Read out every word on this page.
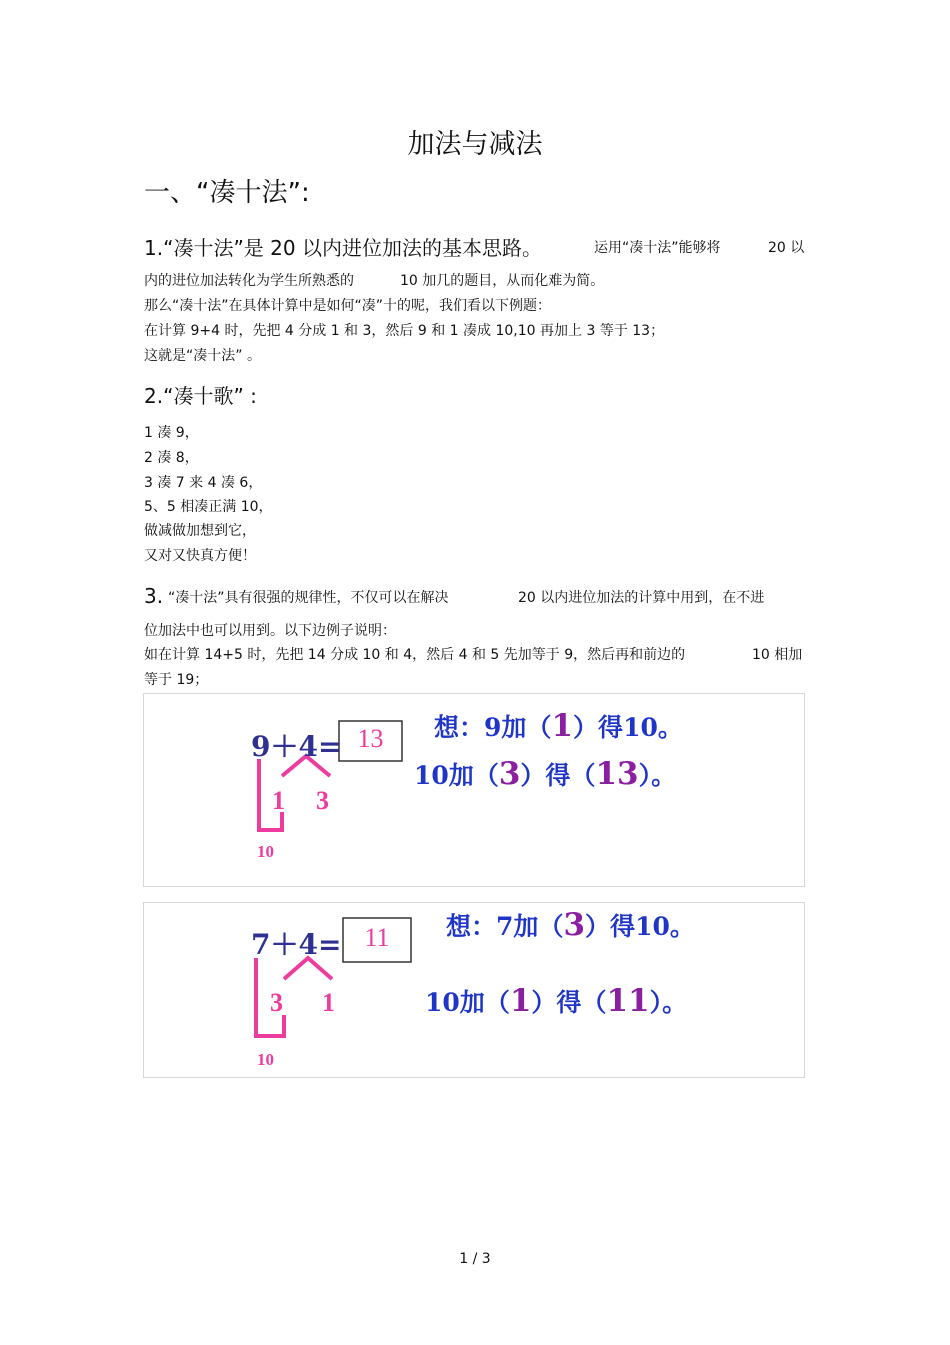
加法与减法
一、“凑十法”:
1.“凑十法”是 20 以内进位加法的基本思路。	运用“凑十法”能够将	20 以
内的进位加法转化为学生所熟悉的	10 加几的题目，从而化难为简。
那么“凑十法”在具体计算中是如何“凑”十的呢，我们看以下例题：
在计算 9+4 时，先把 4 分成 1 和 3，然后 9 和 1 凑成 10,10 再加上 3 等于 13；
这就是“凑十法” 。
2.“凑十歌” :
1 凑 9，
2 凑 8，
3 凑 7 来 4 凑 6，
5、5 相凑正满 10，
做减做加想到它，
又对又快真方便！
3. “凑十法”具有很强的规律性，不仅可以在解决	20 以内进位加法的计算中用到，在不进
位加法中也可以用到。以下边例子说明：
如在计算 14+5 时，先把 14 分成 10 和 4，然后 4 和 5 先加等于 9，然后再和前边的	10 相加
等于 19；
9＋4= 13
1 3
10
想：9加（1）得10。
10加（3）得（13）。
7＋4= 11
3 1
10
想：7加（3）得10。
10加（1）得（11）。
1 / 3
